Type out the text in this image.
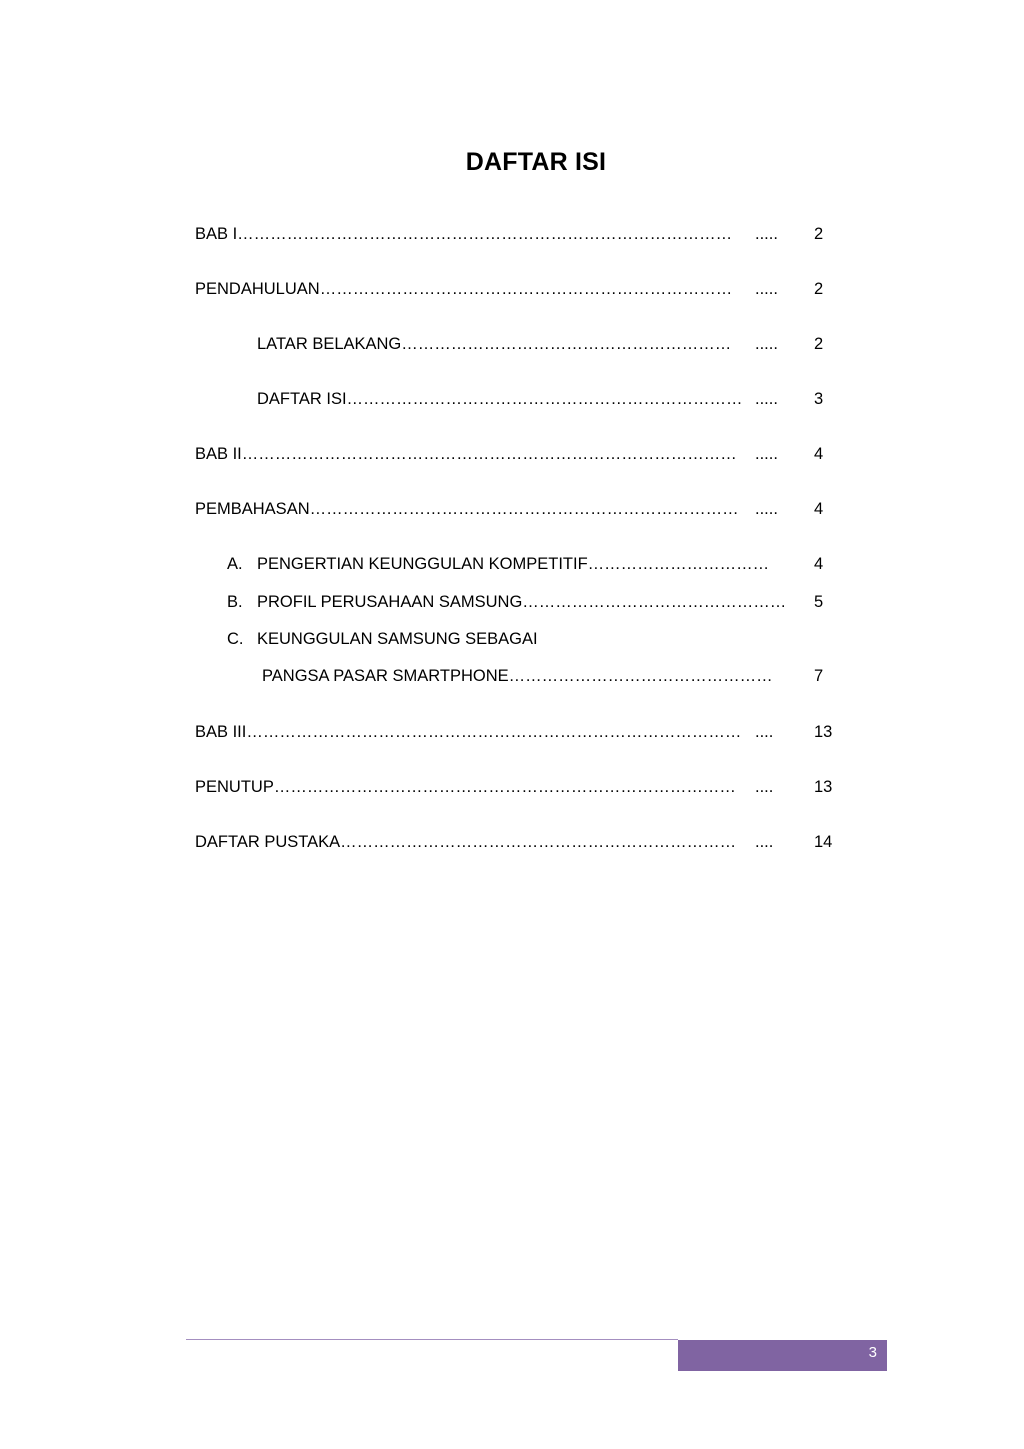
DAFTAR ISI
BAB I……………………………………………………………………………… ..... 2
PENDAHULUAN………………………………………………………………… ..... 2
LATAR BELAKANG…………………………………………………… ..... 2
DAFTAR ISI……………………………………………………………… ..... 3
BAB II……………………………………………………………………………… ..... 4
PEMBAHASAN…………………………………………………………………… ..... 4
A. PENGERTIAN KEUNGGULAN KOMPETITIF……………………………	4
B. PROFIL PERUSAHAAN SAMSUNG………………………………………… 5
C. KEUNGGULAN SAMSUNG SEBAGAI
PANGSA PASAR SMARTPHONE…………………………………………	7
BAB III……………………………………………………………………………… .... 13
PENUTUP………………………………………………………………………… .... 13
DAFTAR PUSTAKA……………………………………………………………… .... 14
3
